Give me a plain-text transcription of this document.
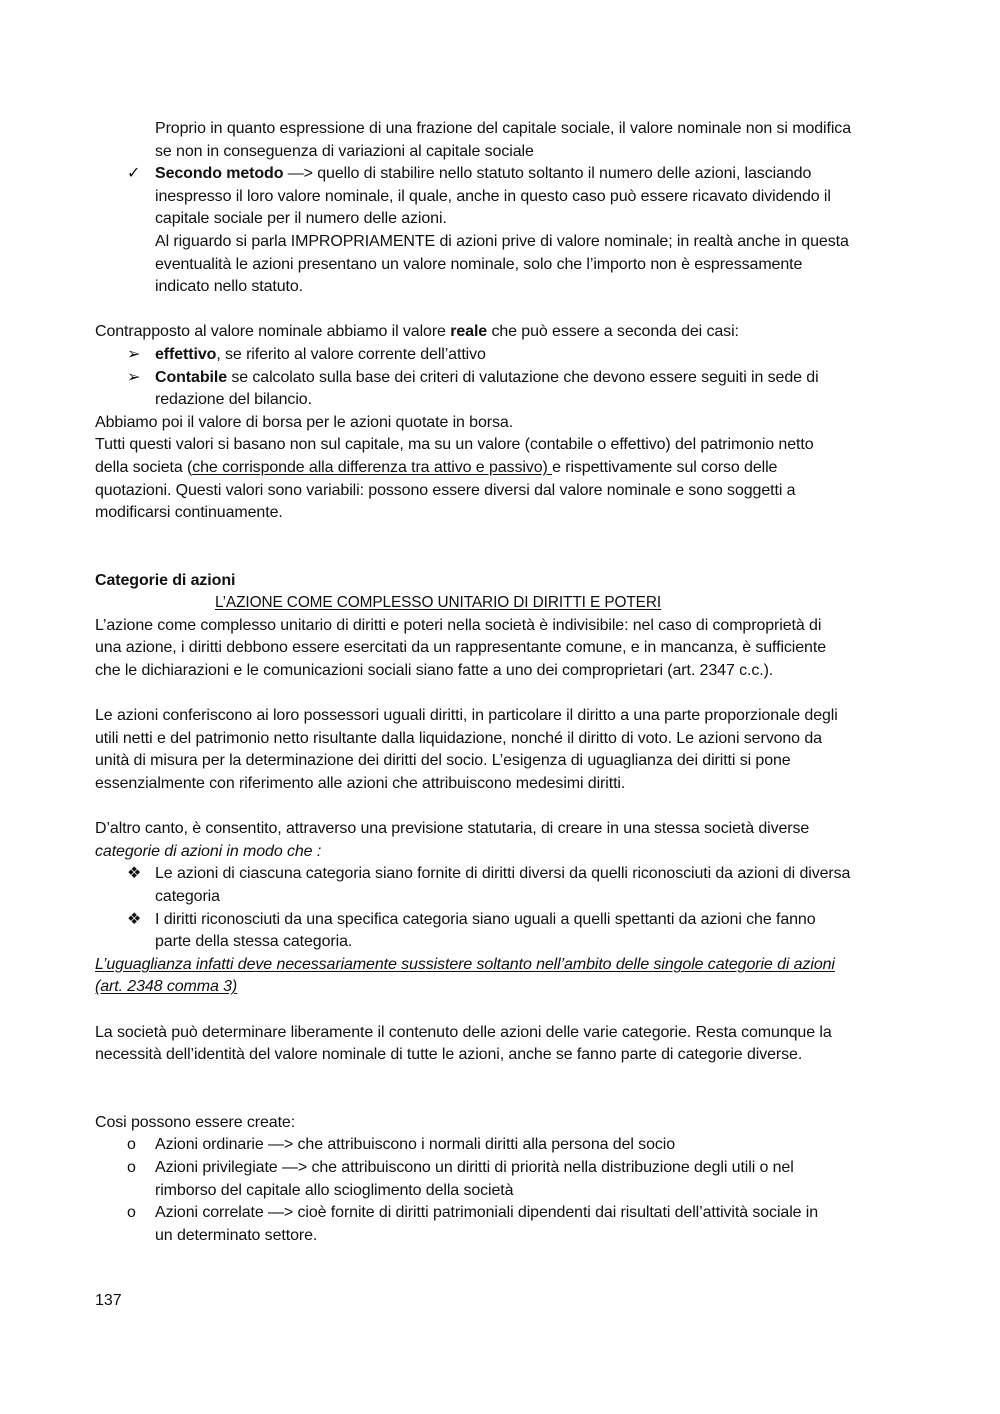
Proprio in quanto espressione di una frazione del capitale sociale, il valore nominale non si modifica

se non in conseguenza di variazioni al capitale sociale

✓ Secondo metodo —> quello di stabilire nello statuto soltanto il numero delle azioni, lasciando

inespresso il loro valore nominale, il quale, anche in questo caso può essere ricavato dividendo il

capitale sociale per il numero delle azioni.

Al riguardo si parla IMPROPRIAMENTE di azioni prive di valore nominale; in realtà anche in questa

eventualità le azioni presentano un valore nominale, solo che l’importo non è espressamente

indicato nello statuto.

Contrapposto al valore nominale abbiamo il valore reale che può essere a seconda dei casi:

➢ effettivo, se riferito al valore corrente dell’attivo

➢ Contabile se calcolato sulla base dei criteri di valutazione che devono essere seguiti in sede di

redazione del bilancio.

Abbiamo poi il valore di borsa per le azioni quotate in borsa.

Tutti questi valori si basano non sul capitale, ma su un valore (contabile o effettivo) del patrimonio netto

della societa (che corrisponde alla differenza tra attivo e passivo) e rispettivamente sul corso delle

quotazioni. Questi valori sono variabili: possono essere diversi dal valore nominale e sono soggetti a

modificarsi continuamente.

Categorie di azioni

L’AZIONE COME COMPLESSO UNITARIO DI DIRITTI E POTERI

L’azione come complesso unitario di diritti e poteri nella società è indivisibile: nel caso di comproprietà di

una azione, i diritti debbono essere esercitati da un rappresentante comune, e in mancanza, è sufficiente

che le dichiarazioni e le comunicazioni sociali siano fatte a uno dei comproprietari (art. 2347 c.c.).

Le azioni conferiscono ai loro possessori uguali diritti, in particolare il diritto a una parte proporzionale degli

utili netti e del patrimonio netto risultante dalla liquidazione, nonché il diritto di voto. Le azioni servono da

unità di misura per la determinazione dei diritti del socio. L’esigenza di uguaglianza dei diritti si pone

essenzialmente con riferimento alle azioni che attribuiscono medesimi diritti.

D’altro canto, è consentito, attraverso una previsione statutaria, di creare in una stessa società diverse

categorie di azioni in modo che :

❖ Le azioni di ciascuna categoria siano fornite di diritti diversi da quelli riconosciuti da azioni di diversa

categoria

❖ I diritti riconosciuti da una specifica categoria siano uguali a quelli spettanti da azioni che fanno

parte della stessa categoria.

L’uguaglianza infatti deve necessariamente sussistere soltanto nell’ambito delle singole categorie di azioni

(art. 2348 comma 3)

La società può determinare liberamente il contenuto delle azioni delle varie categorie. Resta comunque la

necessità dell’identità del valore nominale di tutte le azioni, anche se fanno parte di categorie diverse.

Cosi possono essere create:

o	Azioni ordinarie —> che attribuiscono i normali diritti alla persona del socio

o	Azioni privilegiate —> che attribuiscono un diritti di priorità nella distribuzione degli utili o nel

rimborso del capitale allo scioglimento della società

o	Azioni correlate —> cioè fornite di diritti patrimoniali dipendenti dai risultati dell’attività sociale in

un determinato settore.

137
